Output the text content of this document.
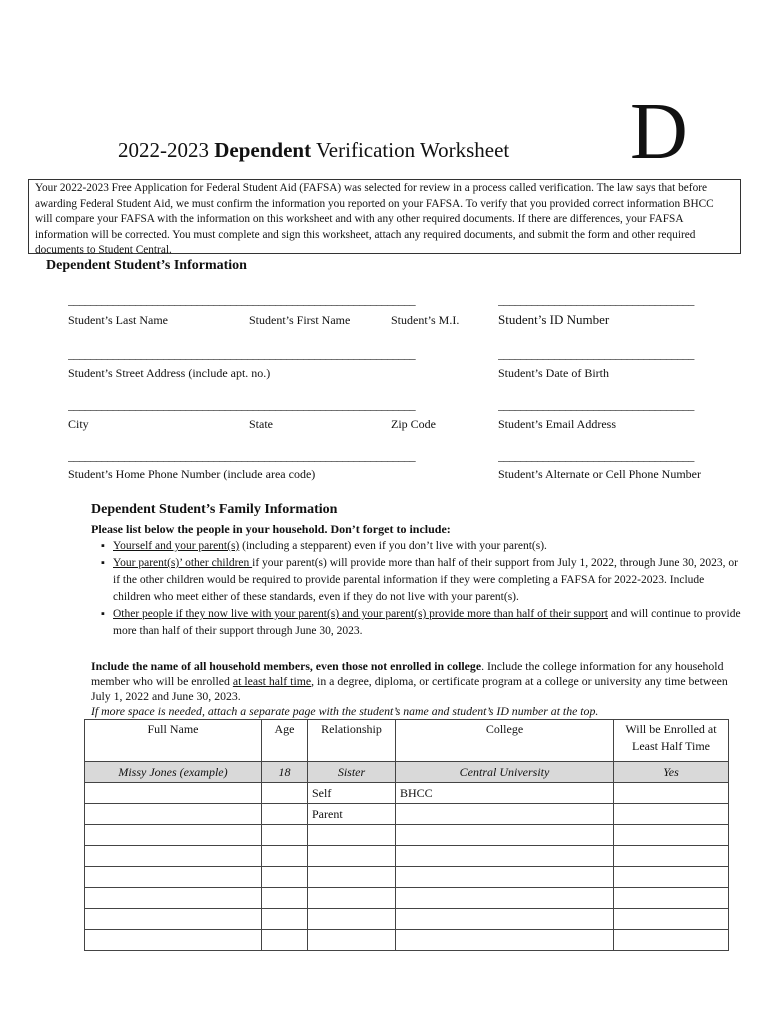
2022-2023 Dependent Verification Worksheet D
Your 2022-2023 Free Application for Federal Student Aid (FAFSA) was selected for review in a process called verification. The law says that before awarding Federal Student Aid, we must confirm the information you reported on your FAFSA. To verify that you provided correct information BHCC will compare your FAFSA with the information on this worksheet and with any other required documents. If there are differences, your FAFSA information will be corrected. You must complete and sign this worksheet, attach any required documents, and submit the form and other required documents to Student Central.
Dependent Student’s Information
______________________________________________________________	___________________________________
Student’s Last Name	Student’s First Name	Student’s M.I.	Student’s ID Number
______________________________________________________________	___________________________________
Student’s Street Address (include apt. no.)	Student’s Date of Birth
______________________________________________________________	___________________________________
City	State	Zip Code	Student’s Email Address
______________________________________________________________	___________________________________
Student’s Home Phone Number (include area code)	Student’s Alternate or Cell Phone Number
Dependent Student’s Family Information
Please list below the people in your household. Don’t forget to include:
▪ Yourself and your parent(s) (including a stepparent) even if you don’t live with your parent(s).
▪ Your parent(s)’ other children if your parent(s) will provide more than half of their support from July 1, 2022, through June 30, 2023, or if the other children would be required to provide parental information if they were completing a FAFSA for 2022-2023. Include children who meet either of these standards, even if they do not live with your parent(s).
▪ Other people if they now live with your parent(s) and your parent(s) provide more than half of their support and will continue to provide more than half of their support through June 30, 2023.
Include the name of all household members, even those not enrolled in college. Include the college information for any household member who will be enrolled at least half time, in a degree, diploma, or certificate program at a college or university any time between July 1, 2022 and June 30, 2023.
If more space is needed, attach a separate page with the student’s name and student’s ID number at the top.
Full Name	Age	Relationship	College	Will be Enrolled at Least Half Time
Missy Jones (example)	18	Sister	Central University	Yes
		Self	BHCC	
		Parent		
